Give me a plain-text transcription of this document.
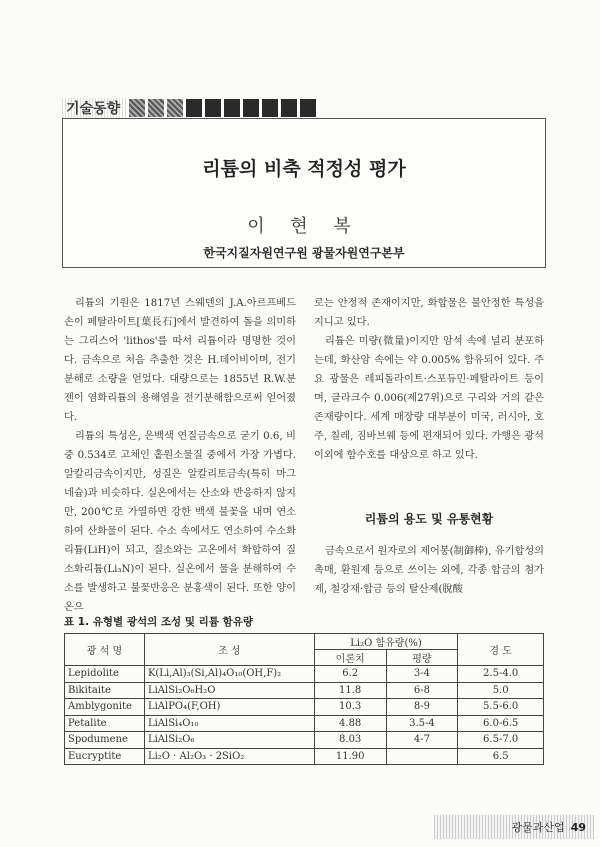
기술동향
리튬의 비축 적정성 평가
이 현 복
한국지질자원연구원 광물자원연구본부

리튬의 기원은 1817년 스웨덴의 J.A.아르프베드손이 페탈라이트[葉長石]에서 발견하여 돌을 의미하는 그리스어 'lithos'를 따서 리튬이라 명명한 것이다. 금속으로 처음 추출한 것은 H.데이비이며, 전기분해로 소량을 얻었다. 대량으로는 1855년 R.W.분젠이 염화리튬의 용해염을 전기분해함으로써 얻어졌다.

리튬의 특성은, 은백색 연질금속으로 굳기 0.6, 비중 0.534로 고체인 홑원소물질 중에서 가장 가볍다. 알칼리금속이지만, 성질은 알칼리토금속(특히 마그네슘)과 비슷하다. 실온에서는 산소와 반응하지 않지만, 200℃로 가열하면 강한 백색 불꽃을 내며 연소하여 산화물이 된다. 수소 속에서도 연소하여 수소화리튬(LiH)이 되고, 질소와는 고온에서 화합하여 질소화리튬(Li₃N)이 된다. 실온에서 물을 분해하여 수소를 발생하고 불꽃반응은 분홍색이 된다. 또한 양이온으

로는 안정적 존재이지만, 화합물은 불안정한 특성을 지니고 있다.

리튬은 미량(微量)이지만 암석 속에 널리 분포하는데, 화산암 속에는 약 0.005% 함유되어 있다. 주요 광물은 레피돌라이트·스포듀민·페탈라이트 등이며, 클라크수 0.006(제27위)으로 구리와 거의 같은 존재량이다. 세계 매장량 대부분이 미국, 러시아, 호주, 칠레, 짐바브웨 등에 편재되어 있다. 가행은 광석 이외에 함수호를 대상으로 하고 있다.

리튬의 용도 및 유통현황

금속으로서 원자로의 제어봉(制御棒), 유기합성의 촉매, 환원제 등으로 쓰이는 외에, 각종 합금의 첨가제, 철강재·합금 등의 탈산제(脫酸

표 1. 유형별 광석의 조성 및 리튬 함유량
광 석 명	조 성	Li₂O 함유량(%)		경 도
		이론치	평량	
Lepidolite	K(Li,Al)₃(Si,Al)₄O₁₀(OH,F)₂	6.2	3-4	2.5-4.0
Bikitaite	LiAlSi₂O₆H₂O	11.8	6-8	5.0
Amblygonite	LiAlPO₄(F,OH)	10.3	8-9	5.5-6.0
Petalite	LiAlSi₄O₁₀	4.88	3.5-4	6.0-6.5
Spodumene	LiAlSi₂O₆	8.03	4-7	6.5-7.0
Eucryptite	Li₂O · Al₂O₃ · 2SiO₂	11.90		6.5
광물과산업 49
